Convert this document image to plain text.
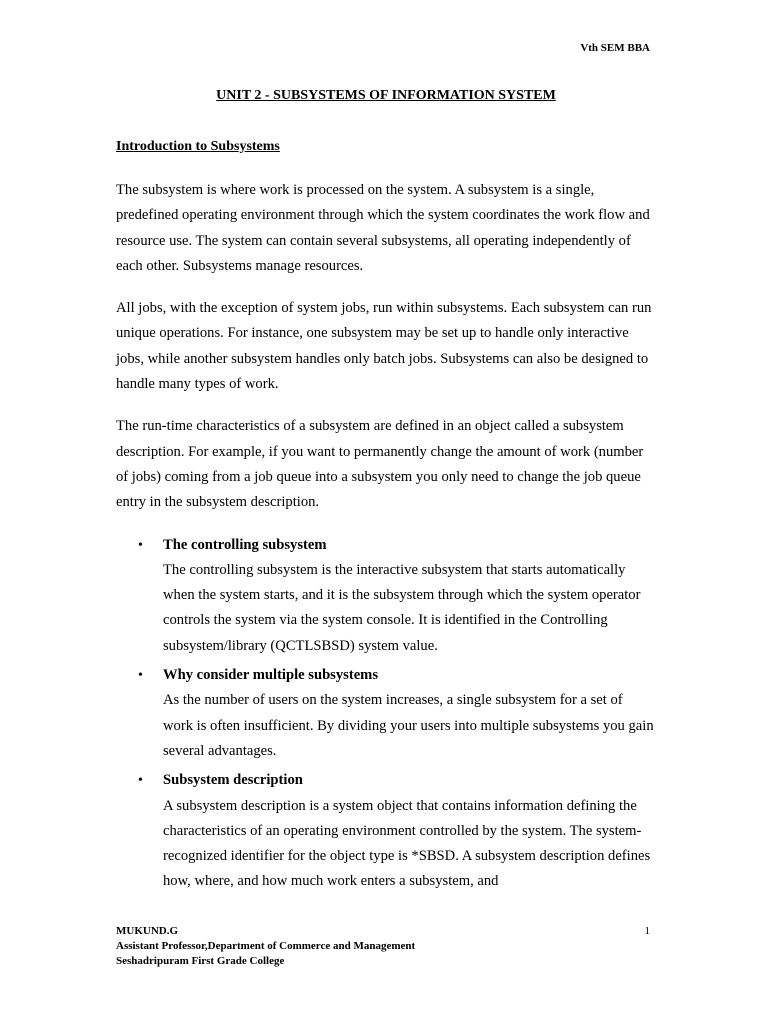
Vth SEM BBA
UNIT 2 - SUBSYSTEMS OF INFORMATION SYSTEM
Introduction to Subsystems

The subsystem is where work is processed on the system. A subsystem is a single, predefined operating environment through which the system coordinates the work flow and resource use. The system can contain several subsystems, all operating independently of each other. Subsystems manage resources.

All jobs, with the exception of system jobs, run within subsystems. Each subsystem can run unique operations. For instance, one subsystem may be set up to handle only interactive jobs, while another subsystem handles only batch jobs. Subsystems can also be designed to handle many types of work.

The run-time characteristics of a subsystem are defined in an object called a subsystem description. For example, if you want to permanently change the amount of work (number of jobs) coming from a job queue into a subsystem you only need to change the job queue entry in the subsystem description.

• The controlling subsystem
The controlling subsystem is the interactive subsystem that starts automatically when the system starts, and it is the subsystem through which the system operator controls the system via the system console. It is identified in the Controlling subsystem/library (QCTLSBSD) system value.
• Why consider multiple subsystems
As the number of users on the system increases, a single subsystem for a set of work is often insufficient. By dividing your users into multiple subsystems you gain several advantages.
• Subsystem description
A subsystem description is a system object that contains information defining the characteristics of an operating environment controlled by the system. The system-recognized identifier for the object type is *SBSD. A subsystem description defines how, where, and how much work enters a subsystem, and
MUKUND.G
Assistant Professor,Department of Commerce and Management
Seshadripuram First Grade College
1
